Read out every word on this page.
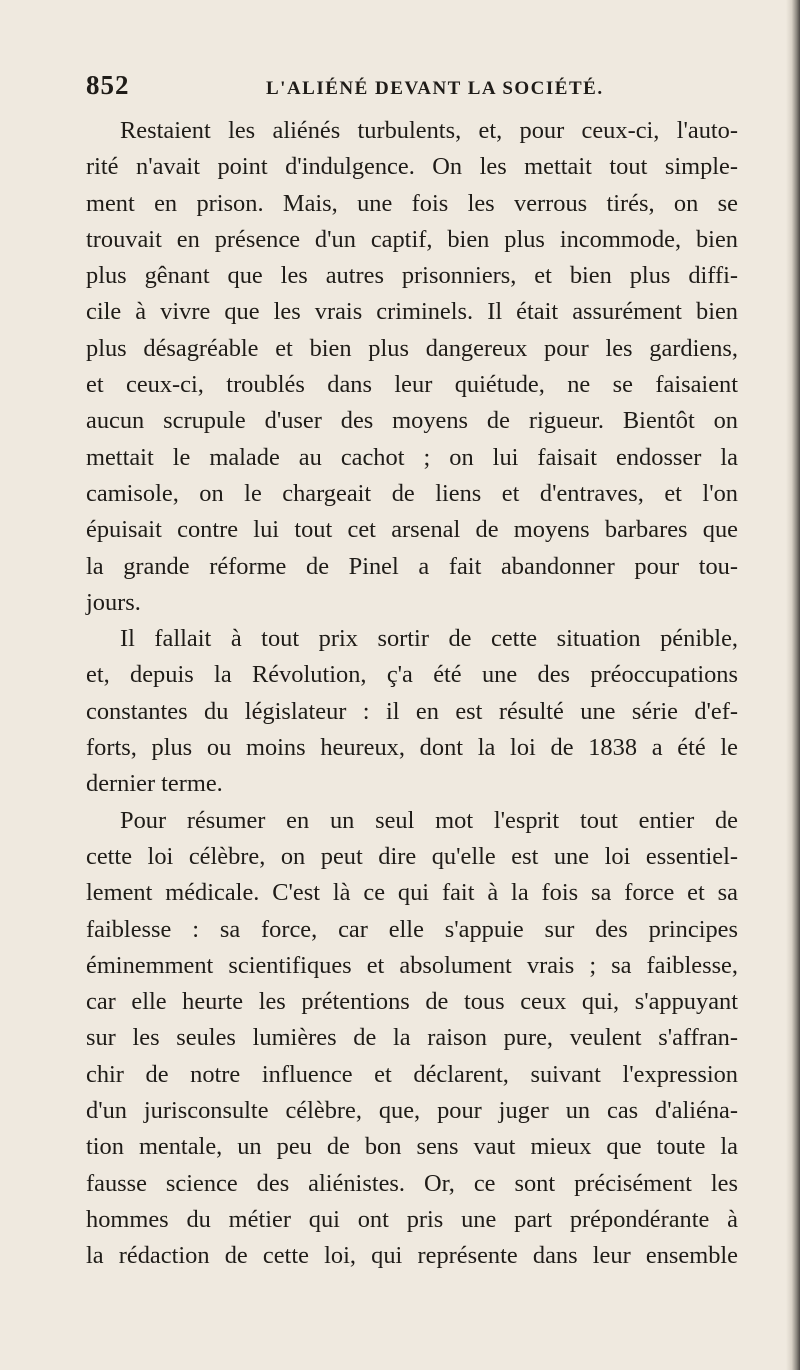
852	L'ALIÉNÉ DEVANT LA SOCIÉTÉ.
Restaient les aliénés turbulents, et, pour ceux-ci, l'auto-
rité n'avait point d'indulgence. On les mettait tout simple-
ment en prison. Mais, une fois les verrous tirés, on se
trouvait en présence d'un captif, bien plus incommode, bien
plus gênant que les autres prisonniers, et bien plus diffi-
cile à vivre que les vrais criminels. Il était assurément bien
plus désagréable et bien plus dangereux pour les gardiens,
et ceux-ci, troublés dans leur quiétude, ne se faisaient
aucun scrupule d'user des moyens de rigueur. Bientôt on
mettait le malade au cachot ; on lui faisait endosser la
camisole, on le chargeait de liens et d'entraves, et l'on
épuisait contre lui tout cet arsenal de moyens barbares que
la grande réforme de Pinel a fait abandonner pour tou-
jours.
Il fallait à tout prix sortir de cette situation pénible,
et, depuis la Révolution, ç'a été une des préoccupations
constantes du législateur : il en est résulté une série d'ef-
forts, plus ou moins heureux, dont la loi de 1838 a été le
dernier terme.
Pour résumer en un seul mot l'esprit tout entier de
cette loi célèbre, on peut dire qu'elle est une loi essentiel-
lement médicale. C'est là ce qui fait à la fois sa force et sa
faiblesse : sa force, car elle s'appuie sur des principes
éminemment scientifiques et absolument vrais ; sa faiblesse,
car elle heurte les prétentions de tous ceux qui, s'appuyant
sur les seules lumières de la raison pure, veulent s'affran-
chir de notre influence et déclarent, suivant l'expression
d'un jurisconsulte célèbre, que, pour juger un cas d'aliéna-
tion mentale, un peu de bon sens vaut mieux que toute la
fausse science des aliénistes. Or, ce sont précisément les
hommes du métier qui ont pris une part prépondérante à
la rédaction de cette loi, qui représente dans leur ensemble
